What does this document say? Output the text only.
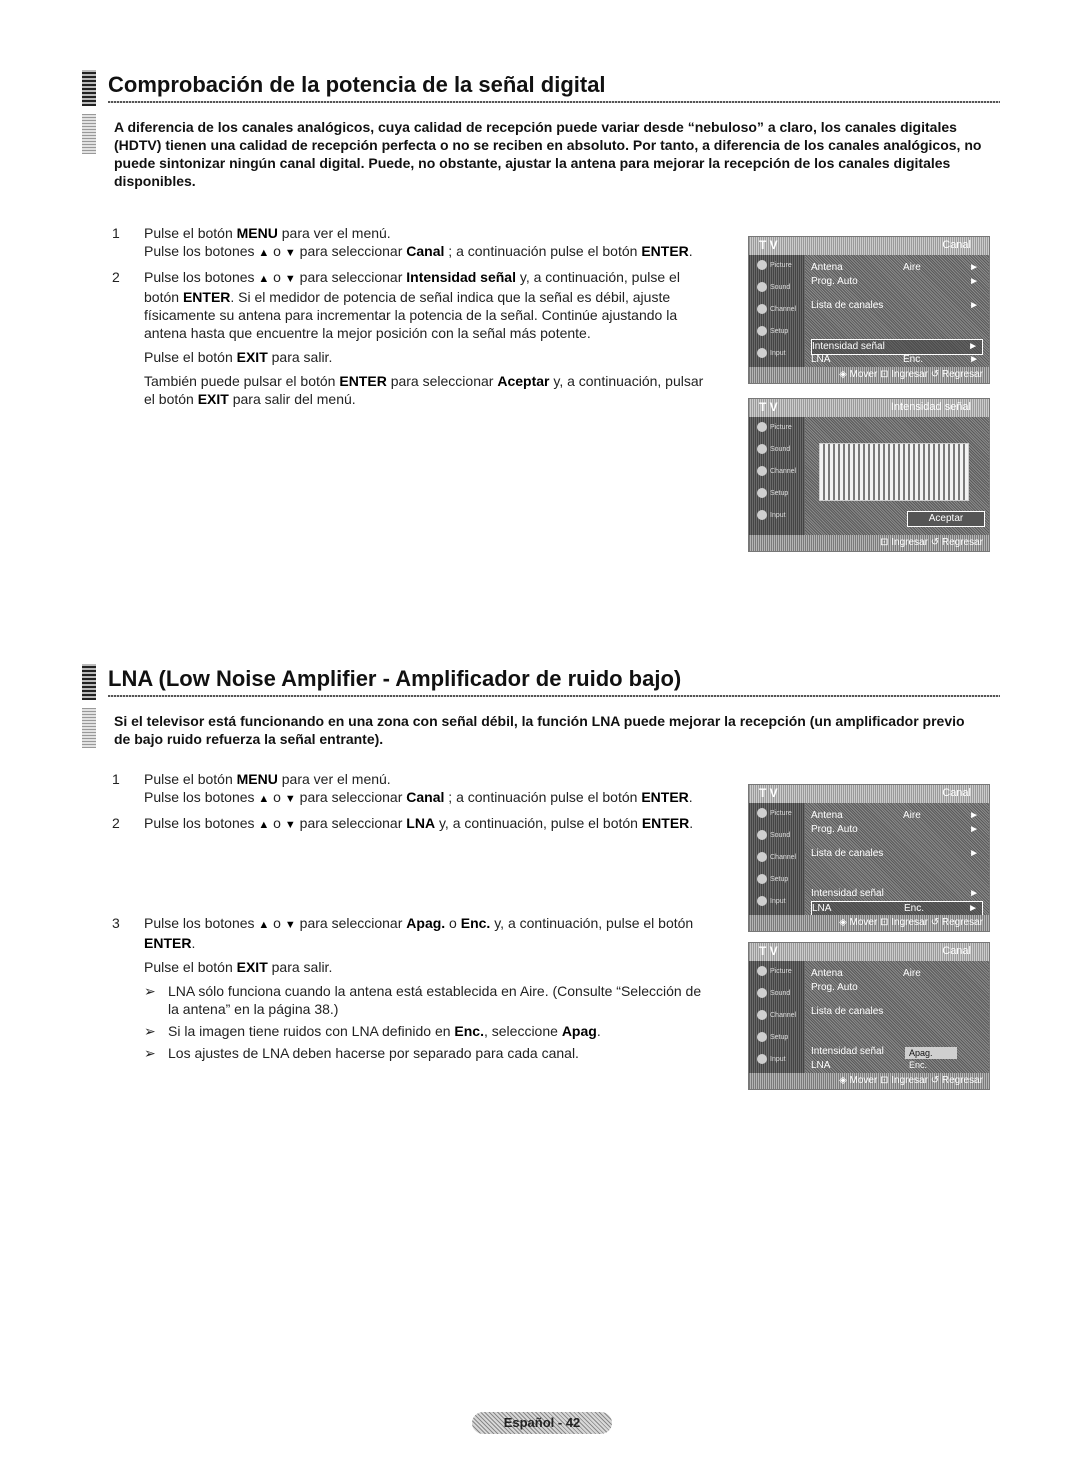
Comprobación de la potencia de la señal digital

A diferencia de los canales analógicos, cuya calidad de recepción puede variar desde “nebuloso” a claro, los canales digitales (HDTV) tienen una calidad de recepción perfecta o no se reciben en absoluto. Por tanto, a diferencia de los canales analógicos, no puede sintonizar ningún canal digital. Puede, no obstante, ajustar la antena para mejorar la recepción de los canales digitales disponibles.

1 Pulse el botón MENU para ver el menú.

Pulse los botones ▲ o ▼ para seleccionar Canal ; a continuación pulse el botón ENTER.

2 Pulse los botones ▲ o ▼ para seleccionar Intensidad señal y, a continuación, pulse el botón ENTER. Si el medidor de potencia de señal indica que la señal es débil, ajuste físicamente su antena para incrementar la potencia de la señal. Continúe ajustando la antena hasta que encuentre la mejor posición con la señal más potente.

Pulse el botón EXIT para salir.

También puede pulsar el botón ENTER para seleccionar Aceptar y, a continuación, pulsar el botón EXIT para salir del menú.

T V	Canal
Picture
Sound
Channel
Setup
Input
Antena	Aire	►
Prog. Auto	►
Lista de canales	►
Intensidad señal	►
LNA	Enc.	►
◈ Mover ⊡ Ingresar ↺ Regresar
T V	Intensidad señal
Picture
Sound
Channel
Setup
Input	Aceptar
⊡ Ingresar ↺ Regresar
LNA (Low Noise Amplifier - Amplificador de ruido bajo)

Si el televisor está funcionando en una zona con señal débil, la función LNA puede mejorar la recepción (un amplificador previo de bajo ruido refuerza la señal entrante).

1 Pulse el botón MENU para ver el menú.

Pulse los botones ▲ o ▼ para seleccionar Canal ; a continuación pulse el botón ENTER.

2 Pulse los botones ▲ o ▼ para seleccionar LNA y, a continuación, pulse el botón ENTER.

3 Pulse los botones ▲ o ▼ para seleccionar Apag. o Enc. y, a continuación, pulse el botón ENTER.

Pulse el botón EXIT para salir.

➢ LNA sólo funciona cuando la antena está establecida en Aire. (Consulte “Selección de la antena” en la página 38.)
➢ Si la imagen tiene ruidos con LNA definido en Enc., seleccione Apag.
➢ Los ajustes de LNA deben hacerse por separado para cada canal.
T V	Canal
Picture
Sound
Channel
Setup
Input
Antena	Aire	►
Prog. Auto	►
Lista de canales	►
Intensidad señal	►
LNA	Enc.	►
◈ Mover ⊡ Ingresar ↺ Regresar
T V	Canal
Picture
Sound
Channel
Setup
Input
Antena	Aire
Prog. Auto
Lista de canales
Intensidad señal
LNA
Apag.
Enc.
◈ Mover ⊡ Ingresar ↺ Regresar
Español - 42
